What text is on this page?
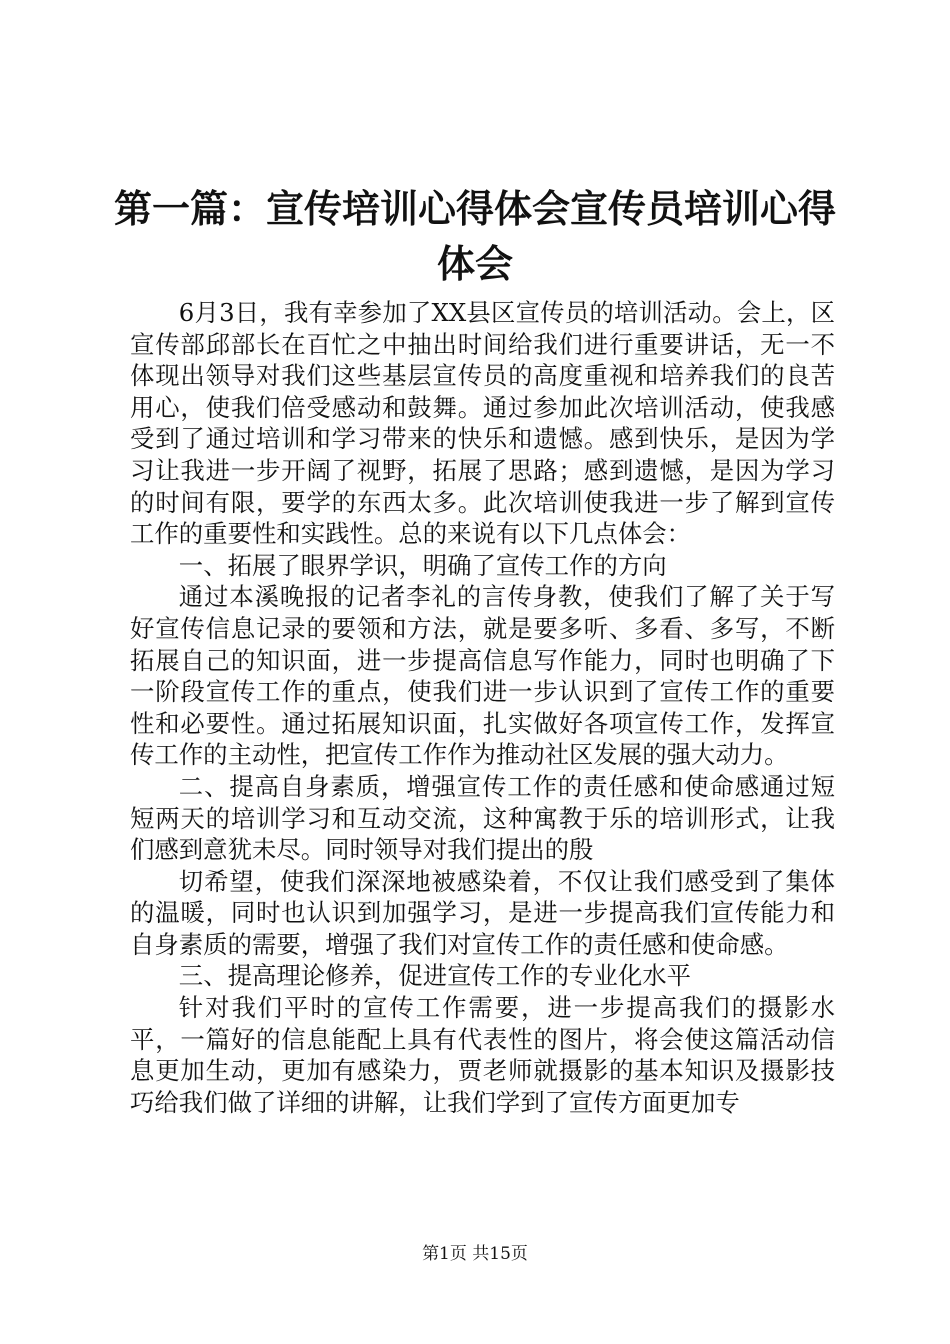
第一篇：宣传培训心得体会宣传员培训心得体会

6月3日，我有幸参加了XX县区宣传员的培训活动。会上，区宣传部邱部长在百忙之中抽出时间给我们进行重要讲话，无一不体现出领导对我们这些基层宣传员的高度重视和培养我们的良苦用心，使我们倍受感动和鼓舞。通过参加此次培训活动，使我感受到了通过培训和学习带来的快乐和遗憾。感到快乐，是因为学习让我进一步开阔了视野，拓展了思路；感到遗憾，是因为学习的时间有限，要学的东西太多。此次培训使我进一步了解到宣传工作的重要性和实践性。总的来说有以下几点体会：

一、拓展了眼界学识，明确了宣传工作的方向

通过本溪晚报的记者李礼的言传身教，使我们了解了关于写好宣传信息记录的要领和方法，就是要多听、多看、多写，不断拓展自己的知识面，进一步提高信息写作能力，同时也明确了下一阶段宣传工作的重点，使我们进一步认识到了宣传工作的重要性和必要性。通过拓展知识面，扎实做好各项宣传工作，发挥宣传工作的主动性，把宣传工作作为推动社区发展的强大动力。

二、提高自身素质，增强宣传工作的责任感和使命感通过短短两天的培训学习和互动交流，这种寓教于乐的培训形式，让我们感到意犹未尽。同时领导对我们提出的殷

切希望，使我们深深地被感染着，不仅让我们感受到了集体的温暖，同时也认识到加强学习，是进一步提高我们宣传能力和自身素质的需要，增强了我们对宣传工作的责任感和使命感。

三、提高理论修养，促进宣传工作的专业化水平

针对我们平时的宣传工作需要，进一步提高我们的摄影水平，一篇好的信息能配上具有代表性的图片，将会使这篇活动信息更加生动，更加有感染力，贾老师就摄影的基本知识及摄影技巧给我们做了详细的讲解，让我们学到了宣传方面更加专

第1页 共15页
